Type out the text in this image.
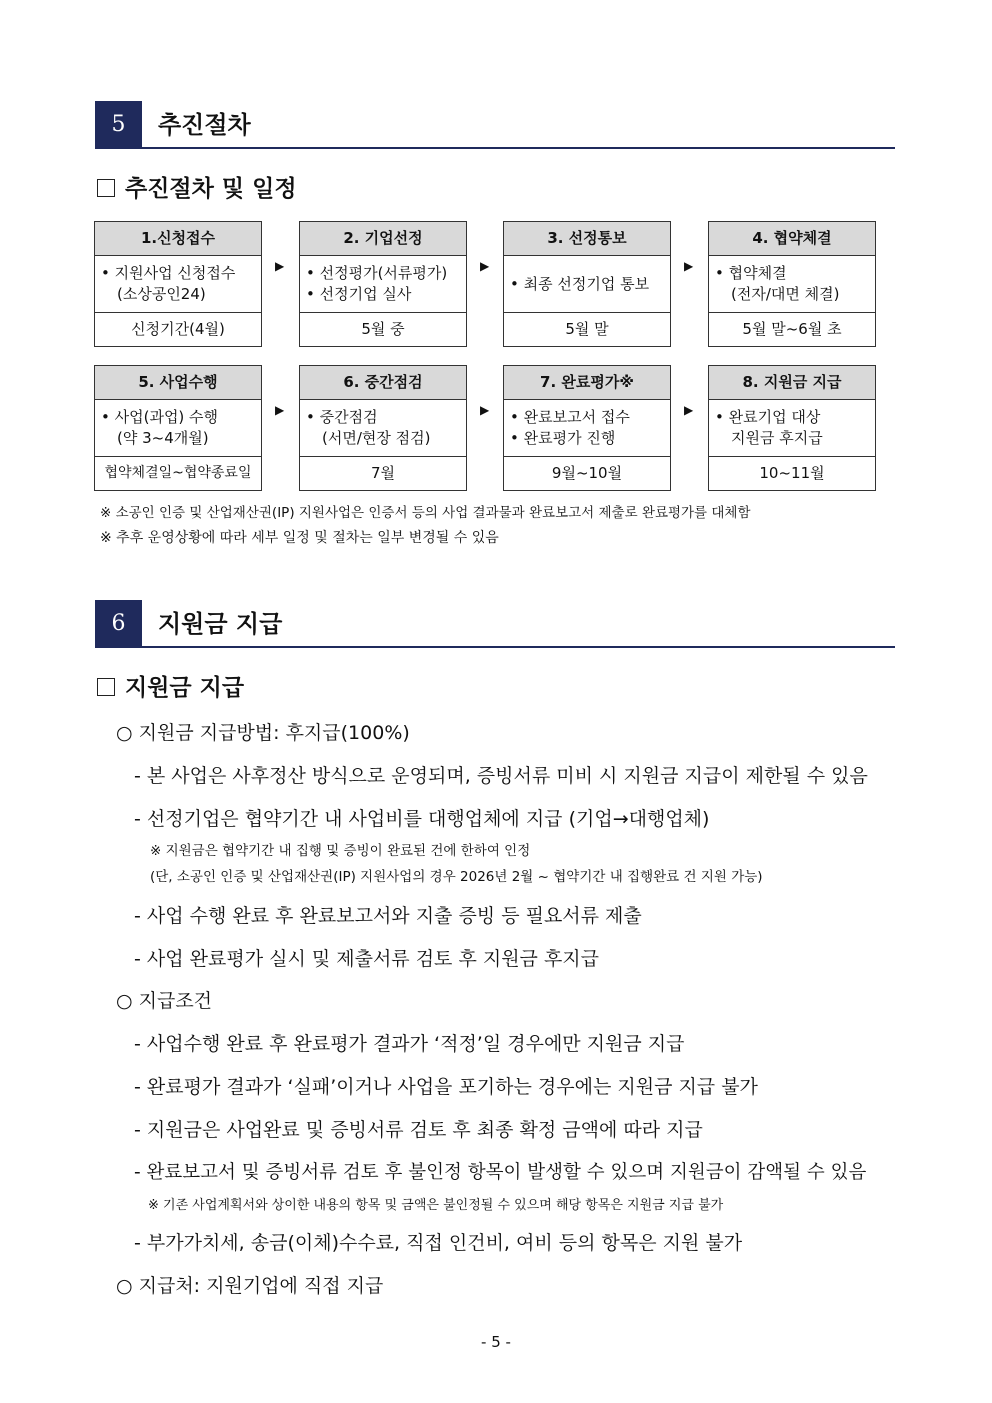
5	추진절차
추진절차 및 일정
1.신청접수
• 지원사업 신청접수
(소상공인24)
신청기간(4월)
▶
2. 기업선정
• 선정평가(서류평가)
• 선정기업 실사
5월 중
▶
3. 선정통보
• 최종 선정기업 통보
5월 말
▶
4. 협약체결
• 협약체결
(전자/대면 체결)
5월 말~6월 초
5. 사업수행
• 사업(과업) 수행
(약 3~4개월)
협약체결일~협약종료일
▶
6. 중간점검
• 중간점검
(서면/현장 점검)
7월
▶
7. 완료평가※
• 완료보고서 접수
• 완료평가 진행
9월~10월
▶
8. 지원금 지급
• 완료기업 대상
지원금 후지급
10~11월
※ 소공인 인증 및 산업재산권(IP) 지원사업은 인증서 등의 사업 결과물과 완료보고서 제출로 완료평가를 대체함
※ 추후 운영상황에 따라 세부 일정 및 절차는 일부 변경될 수 있음
6	지원금 지급
지원금 지급
○ 지원금 지급방법: 후지급(100%)
- 본 사업은 사후정산 방식으로 운영되며, 증빙서류 미비 시 지원금 지급이 제한될 수 있음
- 선정기업은 협약기간 내 사업비를 대행업체에 지급 (기업→대행업체)
※ 지원금은 협약기간 내 집행 및 증빙이 완료된 건에 한하여 인정
(단, 소공인 인증 및 산업재산권(IP) 지원사업의 경우 2026년 2월 ~ 협약기간 내 집행완료 건 지원 가능)
- 사업 수행 완료 후 완료보고서와 지출 증빙 등 필요서류 제출
- 사업 완료평가 실시 및 제출서류 검토 후 지원금 후지급
○ 지급조건
- 사업수행 완료 후 완료평가 결과가 ‘적정’일 경우에만 지원금 지급
- 완료평가 결과가 ‘실패’이거나 사업을 포기하는 경우에는 지원금 지급 불가
- 지원금은 사업완료 및 증빙서류 검토 후 최종 확정 금액에 따라 지급
- 완료보고서 및 증빙서류 검토 후 불인정 항목이 발생할 수 있으며 지원금이 감액될 수 있음
※ 기존 사업계획서와 상이한 내용의 항목 및 금액은 불인정될 수 있으며 해당 항목은 지원금 지급 불가
- 부가가치세, 송금(이체)수수료, 직접 인건비, 여비 등의 항목은 지원 불가
○ 지급처: 지원기업에 직접 지급
- 5 -
